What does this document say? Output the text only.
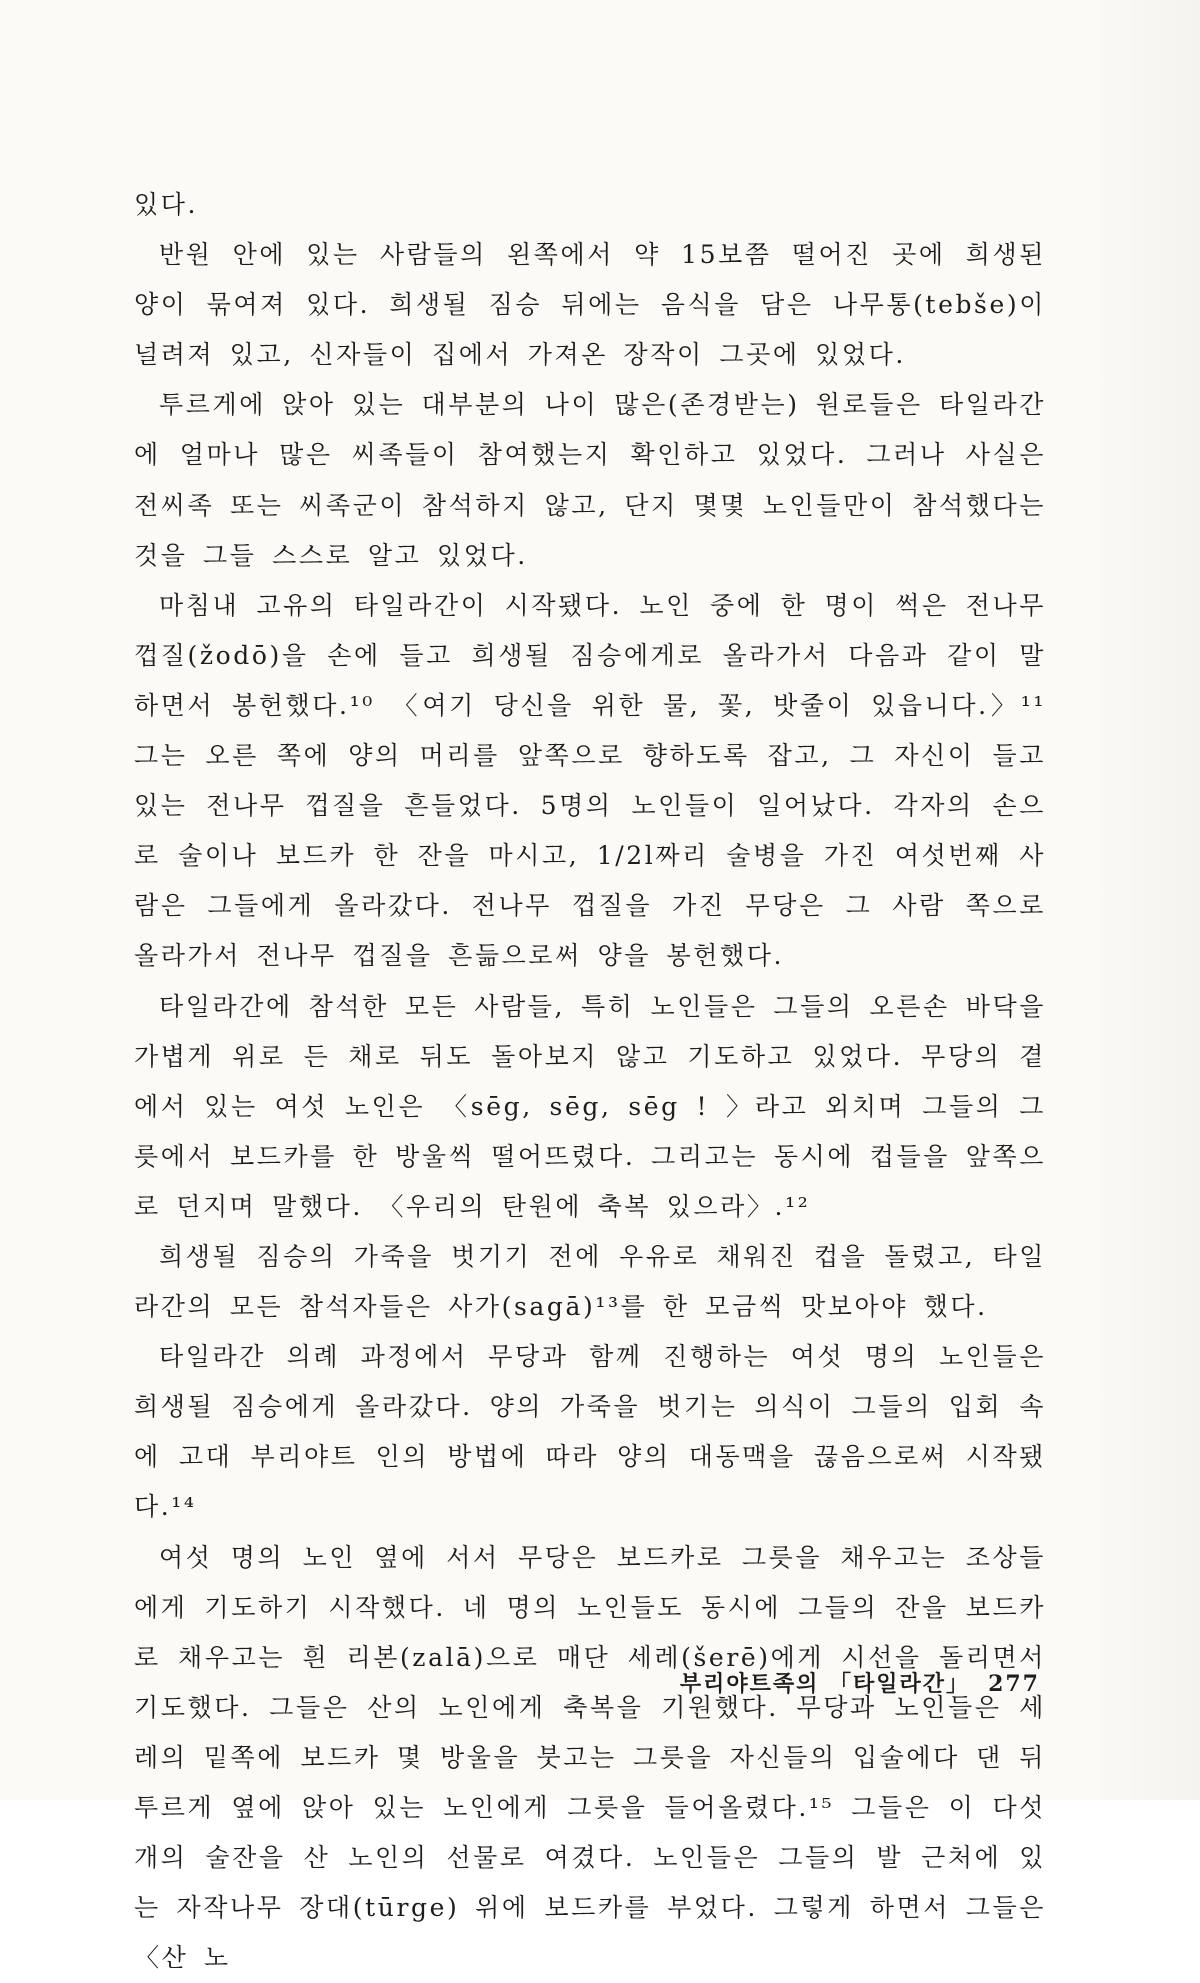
있다.

반원 안에 있는 사람들의 왼쪽에서 약 15보쯤 떨어진 곳에 희생된 양이 묶여져 있다. 희생될 짐승 뒤에는 음식을 담은 나무통(tebše)이 널려져 있고, 신자들이 집에서 가져온 장작이 그곳에 있었다.

투르게에 앉아 있는 대부분의 나이 많은(존경받는) 원로들은 타일라간에 얼마나 많은 씨족들이 참여했는지 확인하고 있었다. 그러나 사실은 전씨족 또는 씨족군이 참석하지 않고, 단지 몇몇 노인들만이 참석했다는 것을 그들 스스로 알고 있었다.

마침내 고유의 타일라간이 시작됐다. 노인 중에 한 명이 썩은 전나무 껍질(žodō)을 손에 들고 희생될 짐승에게로 올라가서 다음과 같이 말하면서 봉헌했다.¹⁰ 〈여기 당신을 위한 물, 꽃, 밧줄이 있읍니다.〉¹¹ 그는 오른 쪽에 양의 머리를 앞쪽으로 향하도록 잡고, 그 자신이 들고 있는 전나무 껍질을 흔들었다. 5명의 노인들이 일어났다. 각자의 손으로 술이나 보드카 한 잔을 마시고, 1/2l짜리 술병을 가진 여섯번째 사람은 그들에게 올라갔다. 전나무 껍질을 가진 무당은 그 사람 쪽으로 올라가서 전나무 껍질을 흔듦으로써 양을 봉헌했다.

타일라간에 참석한 모든 사람들, 특히 노인들은 그들의 오른손 바닥을 가볍게 위로 든 채로 뒤도 돌아보지 않고 기도하고 있었다. 무당의 곁에서 있는 여섯 노인은 〈sēg, sēg, sēg ! 〉라고 외치며 그들의 그릇에서 보드카를 한 방울씩 떨어뜨렸다. 그리고는 동시에 컵들을 앞쪽으로 던지며 말했다. 〈우리의 탄원에 축복 있으라〉.¹²

희생될 짐승의 가죽을 벗기기 전에 우유로 채워진 컵을 돌렸고, 타일라간의 모든 참석자들은 사가(sagā)¹³를 한 모금씩 맛보아야 했다.

타일라간 의례 과정에서 무당과 함께 진행하는 여섯 명의 노인들은 희생될 짐승에게 올라갔다. 양의 가죽을 벗기는 의식이 그들의 입회 속에 고대 부리야트 인의 방법에 따라 양의 대동맥을 끊음으로써 시작됐다.¹⁴

여섯 명의 노인 옆에 서서 무당은 보드카로 그릇을 채우고는 조상들에게 기도하기 시작했다. 네 명의 노인들도 동시에 그들의 잔을 보드카로 채우고는 흰 리본(zalā)으로 매단 세레(šerē)에게 시선을 돌리면서 기도했다. 그들은 산의 노인에게 축복을 기원했다. 무당과 노인들은 세레의 밑쪽에 보드카 몇 방울을 붓고는 그릇을 자신들의 입술에다 댄 뒤 투르게 옆에 앉아 있는 노인에게 그릇을 들어올렸다.¹⁵ 그들은 이 다섯 개의 술잔을 산 노인의 선물로 여겼다. 노인들은 그들의 발 근처에 있는 자작나무 장대(tūrge) 위에 보드카를 부었다. 그렇게 하면서 그들은 〈산 노

부리야트족의 「타일라간」 277
